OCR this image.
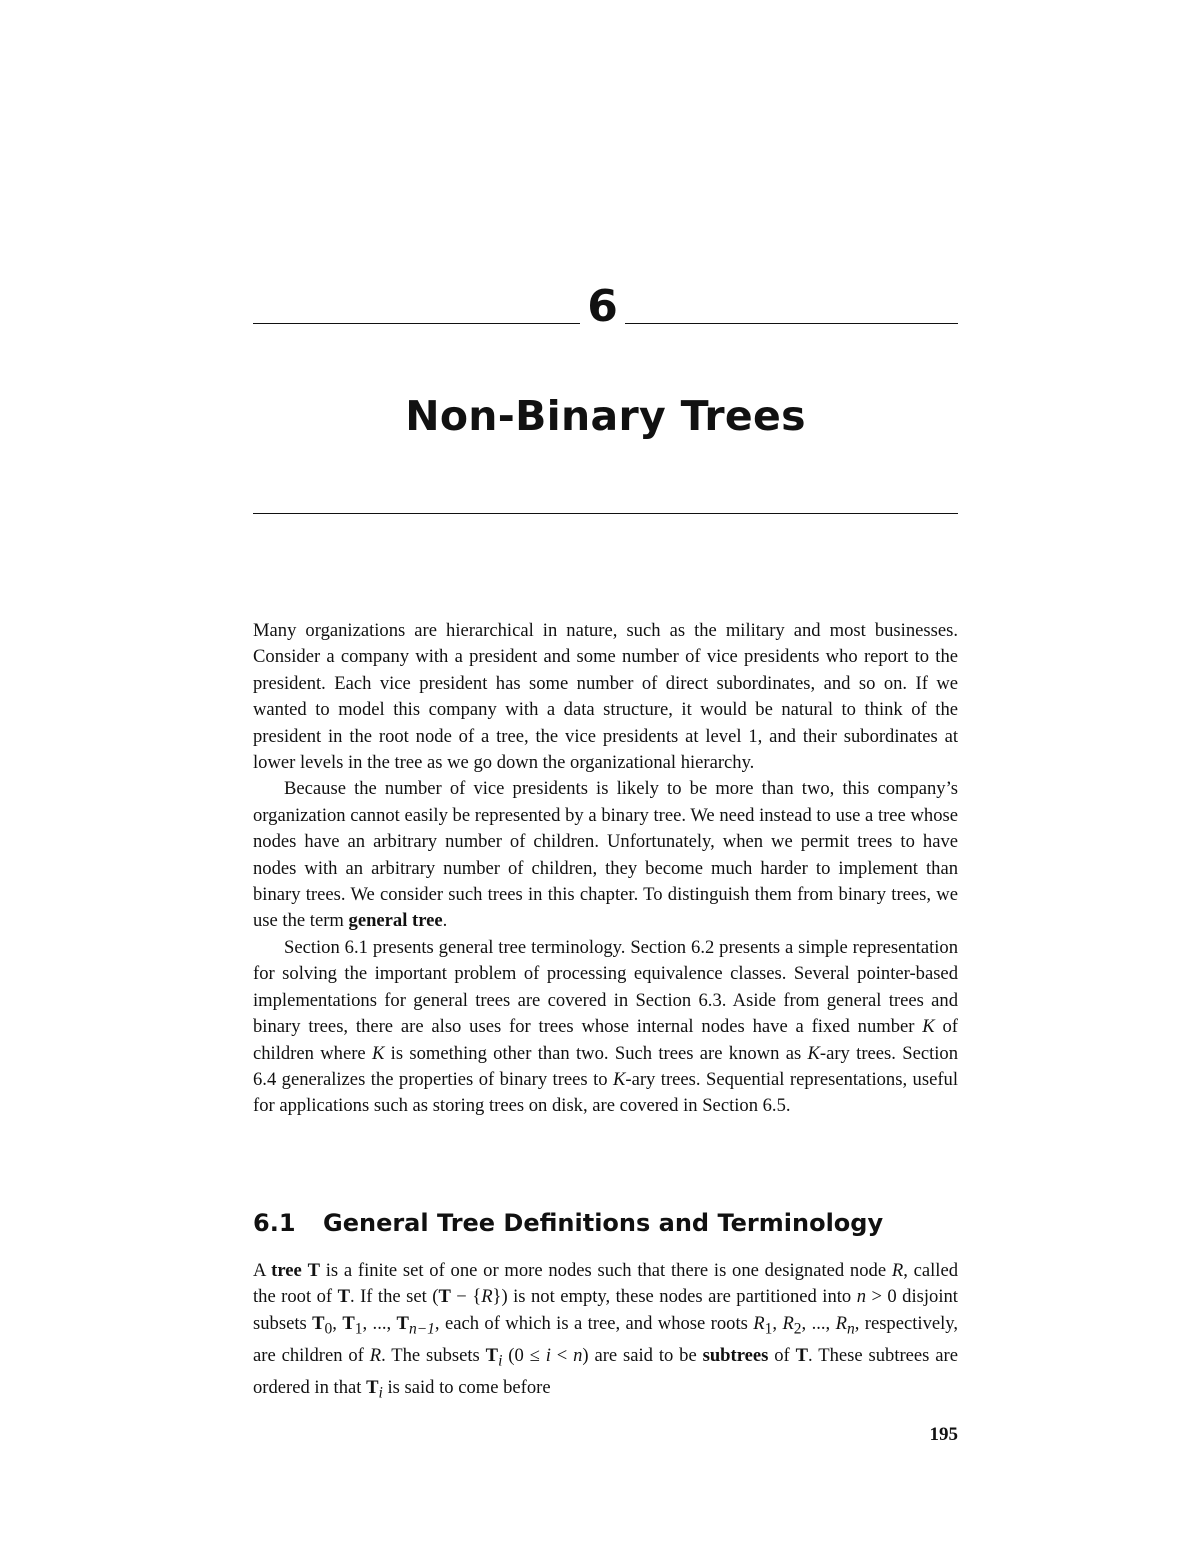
6
Non-Binary Trees

Many organizations are hierarchical in nature, such as the military and most businesses. Consider a company with a president and some number of vice presidents who report to the president. Each vice president has some number of direct subordinates, and so on. If we wanted to model this company with a data structure, it would be natural to think of the president in the root node of a tree, the vice presidents at level 1, and their subordinates at lower levels in the tree as we go down the organizational hierarchy.

Because the number of vice presidents is likely to be more than two, this company’s organization cannot easily be represented by a binary tree. We need instead to use a tree whose nodes have an arbitrary number of children. Unfortunately, when we permit trees to have nodes with an arbitrary number of children, they become much harder to implement than binary trees. We consider such trees in this chapter. To distinguish them from binary trees, we use the term general tree.

Section 6.1 presents general tree terminology. Section 6.2 presents a simple representation for solving the important problem of processing equivalence classes. Several pointer-based implementations for general trees are covered in Section 6.3. Aside from general trees and binary trees, there are also uses for trees whose internal nodes have a fixed number K of children where K is something other than two. Such trees are known as K-ary trees. Section 6.4 generalizes the properties of binary trees to K-ary trees. Sequential representations, useful for applications such as storing trees on disk, are covered in Section 6.5.

6.1 General Tree Definitions and Terminology

A tree T is a finite set of one or more nodes such that there is one designated node R, called the root of T. If the set (T − {R}) is not empty, these nodes are partitioned into n > 0 disjoint subsets $T_0$, $T_1$, ..., $T_{n-1}$, each of which is a tree, and whose roots $R_1$, $R_2$, ..., $R_n$, respectively, are children of R. The subsets $T_i$ (0 ≤ i < n) are said to be subtrees of T. These subtrees are ordered in that $T_i$ is said to come before

195
